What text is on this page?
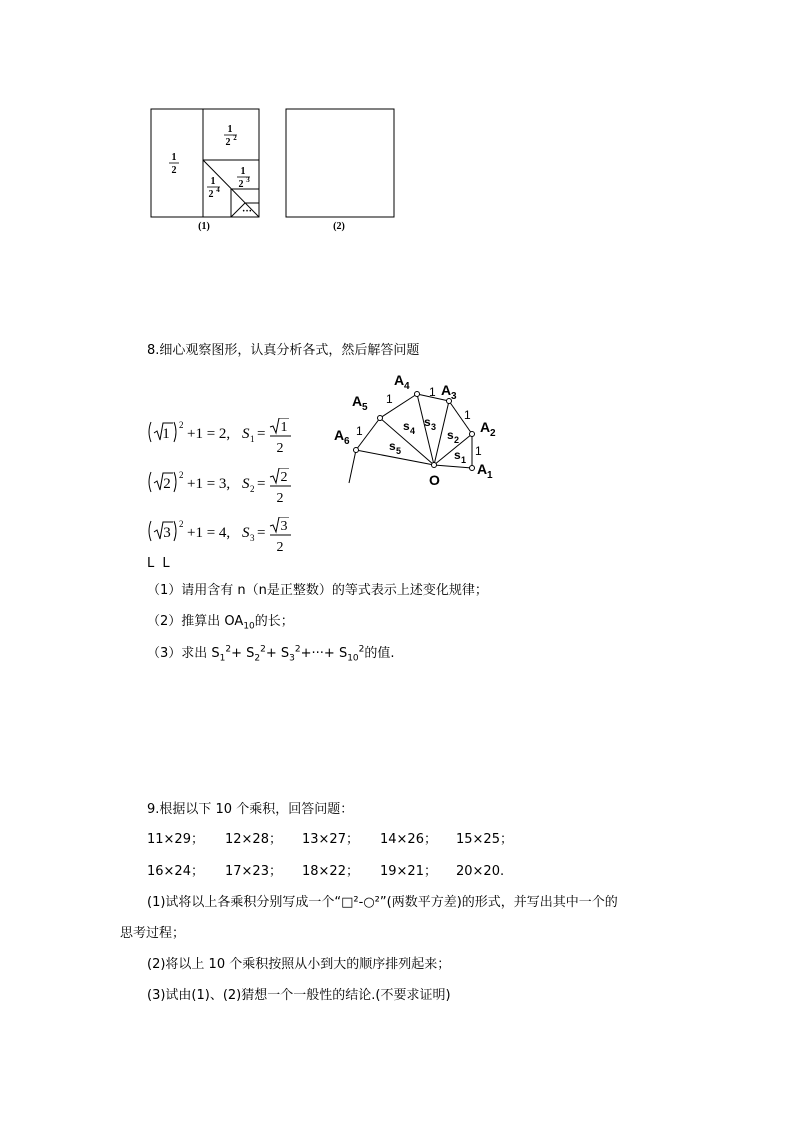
1
2
1
2 2
1
2 3
1
2 4
···
(1)	(2)
8.细心观察图形，认真分析各式，然后解答问题
1
2
+1 = 2, S 1 = 1
2
2
2
+1 = 3, S 2 = 2
2
3
2
+1 = 4, S 3 = 3
2
L L
A 1
A 2
A 3
A 4
A 5
A 6
O
1
1
1
1
1
s 1
s 2
s 3
s 4
s 5
（1）请用含有 n（n是正整数）的等式表示上述变化规律；
（2）推算出 $OA_{10}$的长；
（3）求出 $S_1^2+ S_2^2+ S_3^2+\cdot\cdot\cdot+ S_{10}^2$的值.
9.根据以下 10 个乘积，回答问题：
11×29； 12×28； 13×27； 14×26； 15×25；
16×24； 17×23； 18×22； 19×21； 20×20.
(1)试将以上各乘积分别写成一个“□²-○²”(两数平方差)的形式，并写出其中一个的
思考过程；
(2)将以上 10 个乘积按照从小到大的顺序排列起来；
(3)试由(1)、(2)猜想一个一般性的结论.(不要求证明)
